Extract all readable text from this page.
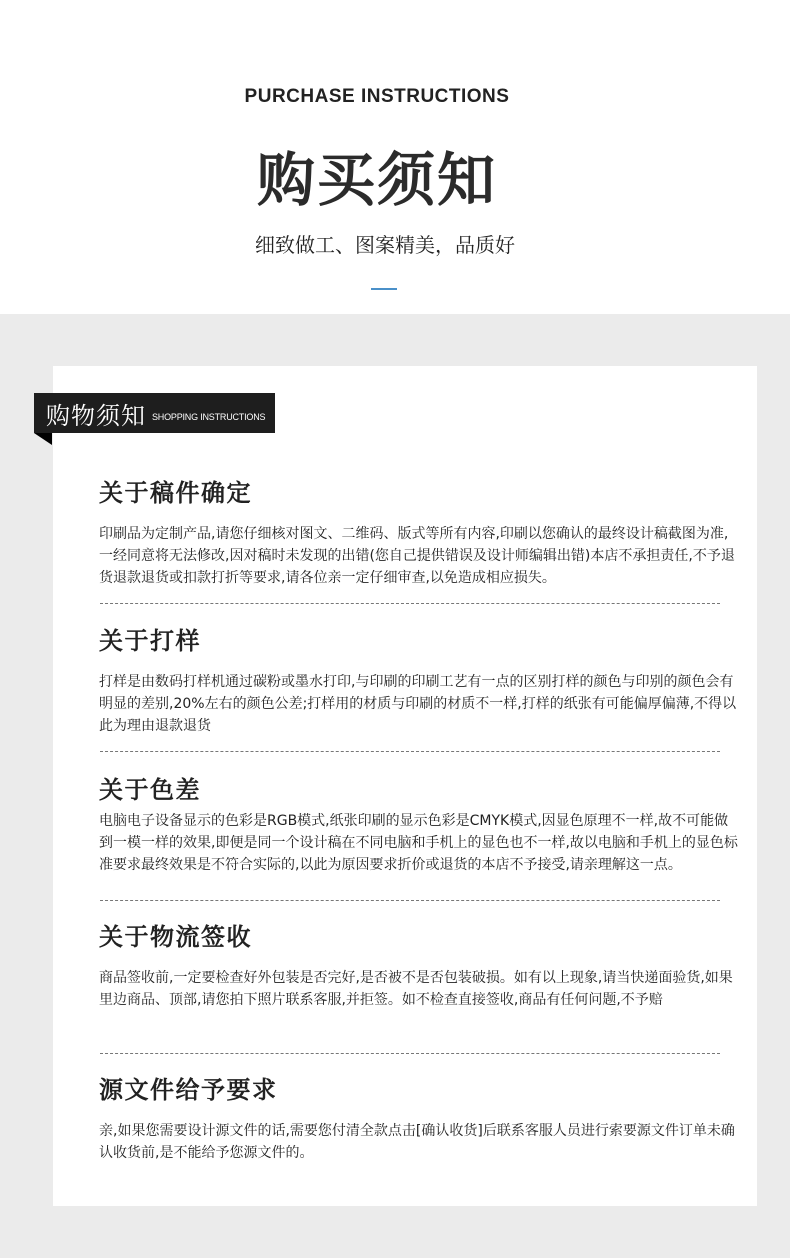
PURCHASE INSTRUCTIONS
购买须知
细致做工、图案精美，品质好
购物须知 SHOPPING INSTRUCTIONS
关于稿件确定

印刷品为定制产品,请您仔细核对图文、二维码、版式等所有内容,印刷以您确认的最终设计稿截图为准,一经同意将无法修改,因对稿时未发现的出错(您自己提供错误及设计师编辑出错)本店不承担责任,不予退货退款退货或扣款打折等要求,请各位亲一定仔细审查,以免造成相应损失。

关于打样

打样是由数码打样机通过碳粉或墨水打印,与印刷的印刷工艺有一点的区别打样的颜色与印别的颜色会有明显的差别,20%左右的颜色公差;打样用的材质与印刷的材质不一样,打样的纸张有可能偏厚偏薄,不得以此为理由退款退货

关于色差

电脑电子设备显示的色彩是RGB模式,纸张印刷的显示色彩是CMYK模式,因显色原理不一样,故不可能做到一模一样的效果,即便是同一个设计稿在不同电脑和手机上的显色也不一样,故以电脑和手机上的显色标准要求最终效果是不符合实际的,以此为原因要求折价或退货的本店不予接受,请亲理解这一点。

关于物流签收

商品签收前,一定要检查好外包装是否完好,是否被不是否包装破损。如有以上现象,请当快递面验货,如果里边商品、顶部,请您拍下照片联系客服,并拒签。如不检查直接签收,商品有任何问题,不予赔

源文件给予要求

亲,如果您需要设计源文件的话,需要您付清全款点击[确认收货]后联系客服人员进行索要源文件订单未确认收货前,是不能给予您源文件的。
